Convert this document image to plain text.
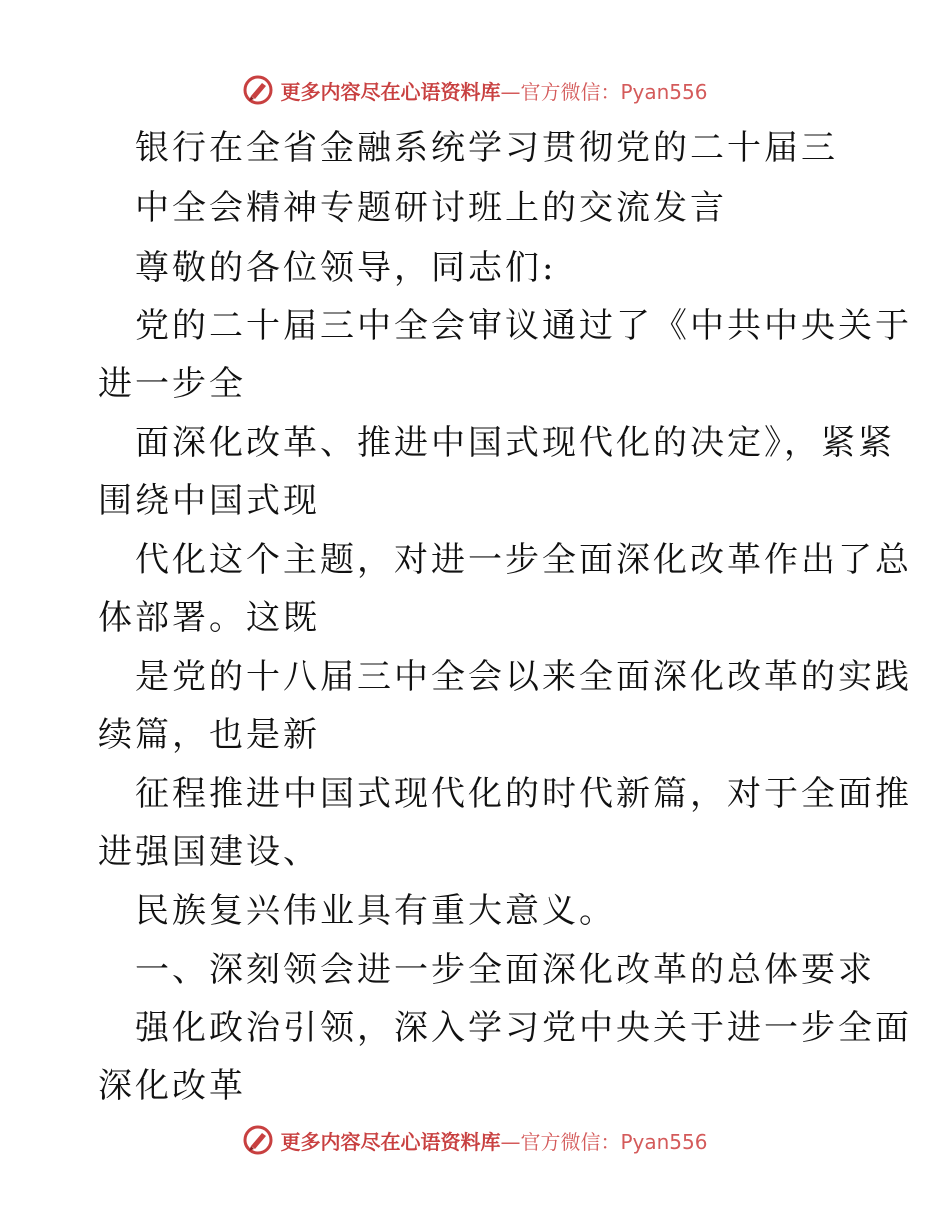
更多内容尽在心语资料库—官方微信：Pyan556
银行在全省金融系统学习贯彻党的二十届三
中全会精神专题研讨班上的交流发言
尊敬的各位领导，同志们:
党的二十届三中全会审议通过了《中共中央关于
进一步全
面深化改革、推进中国式现代化的决定》，紧紧
围绕中国式现
代化这个主题，对进一步全面深化改革作出了总
体部署。这既
是党的十八届三中全会以来全面深化改革的实践
续篇，也是新
征程推进中国式现代化的时代新篇，对于全面推
进强国建设、
民族复兴伟业具有重大意义。
一、深刻领会进一步全面深化改革的总体要求
强化政治引领，深入学习党中央关于进一步全面
深化改革
更多内容尽在心语资料库—官方微信：Pyan556
